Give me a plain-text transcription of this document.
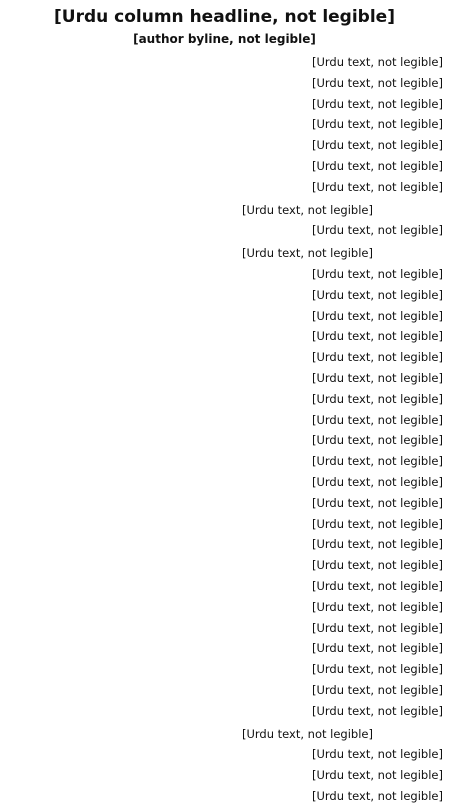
[Urdu column headline, not legible]
[author byline, not legible]
[Urdu text, not legible]
[Urdu text, not legible]
[Urdu text, not legible]
[Urdu text, not legible]
[Urdu text, not legible]
[Urdu text, not legible]
[Urdu text, not legible]
[Urdu text, not legible]
[Urdu text, not legible]
[Urdu text, not legible]
[Urdu text, not legible]
[Urdu text, not legible]
[Urdu text, not legible]
[Urdu text, not legible]
[Urdu text, not legible]
[Urdu text, not legible]
[Urdu text, not legible]
[Urdu text, not legible]
[Urdu text, not legible]
[Urdu text, not legible]
[Urdu text, not legible]
[Urdu text, not legible]
[Urdu text, not legible]
[Urdu text, not legible]
[Urdu text, not legible]
[Urdu text, not legible]
[Urdu text, not legible]
[Urdu text, not legible]
[Urdu text, not legible]
[Urdu text, not legible]
[Urdu text, not legible]
[Urdu text, not legible]
[Urdu text, not legible]
[Urdu text, not legible]
[Urdu text, not legible]
[Urdu text, not legible]
